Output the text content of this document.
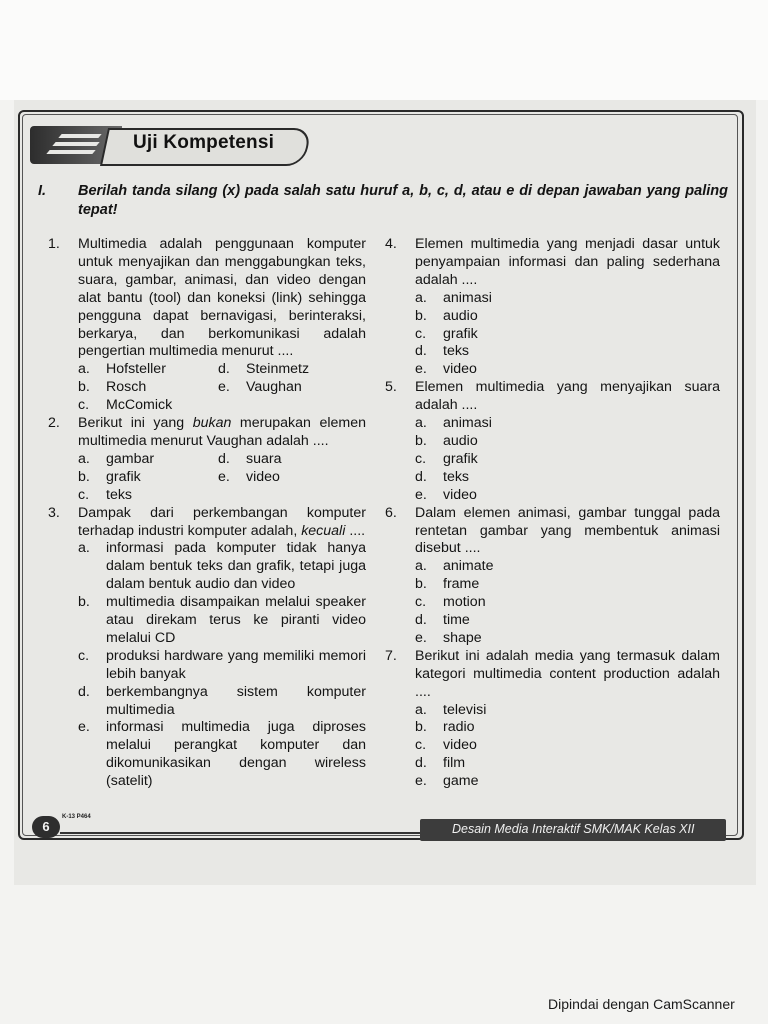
Uji Kompetensi
I. Berilah tanda silang (x) pada salah satu huruf a, b, c, d, atau e di depan jawaban yang paling tepat!
1. Multimedia adalah penggunaan komputer untuk menyajikan dan menggabungkan teks, suara, gambar, animasi, dan video dengan alat bantu (tool) dan koneksi (link) sehingga pengguna dapat bernavigasi, berinteraksi, berkarya, dan berkomunikasi adalah pengertian multimedia menurut ....
a. Hofsteller	d. Steinmetz
b. Rosch	e. Vaughan
c. McComick
2. Berikut ini yang bukan merupakan elemen multimedia menurut Vaughan adalah ....
a. gambar	d. suara
b. grafik	e. video
c. teks
3. Dampak dari perkembangan komputer terhadap industri komputer adalah, kecuali ....
a. informasi pada komputer tidak hanya dalam bentuk teks dan grafik, tetapi juga dalam bentuk audio dan video
b. multimedia disampaikan melalui speaker atau direkam terus ke piranti video melalui CD
c. produksi hardware yang memiliki memori lebih banyak
d. berkembangnya sistem komputer multimedia
e. informasi multimedia juga diproses melalui perangkat komputer dan dikomunikasikan dengan wireless (satelit)
4. Elemen multimedia yang menjadi dasar untuk penyampaian informasi dan paling sederhana adalah ....
a. animasi
b. audio
c. grafik
d. teks
e. video
5. Elemen multimedia yang menyajikan suara adalah ....
a. animasi
b. audio
c. grafik
d. teks
e. video
6. Dalam elemen animasi, gambar tunggal pada rentetan gambar yang membentuk animasi disebut ....
a. animate
b. frame
c. motion
d. time
e. shape
7. Berikut ini adalah media yang termasuk dalam kategori multimedia content production adalah ....
a. televisi
b. radio
c. video
d. film
e. game
6
K-13 P464
Desain Media Interaktif SMK/MAK Kelas XII
Dipindai dengan CamScanner
